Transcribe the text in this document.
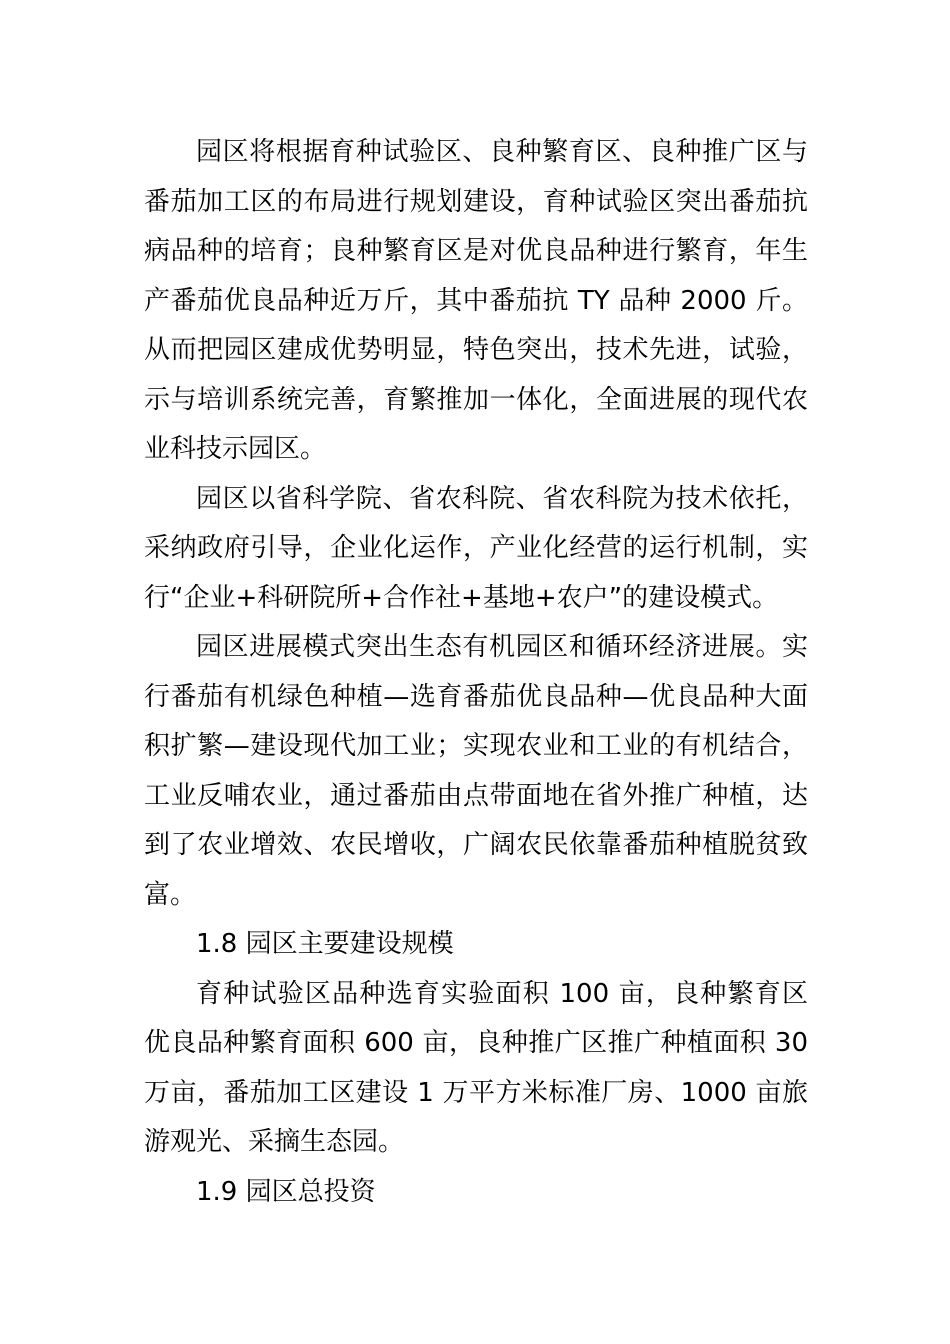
园区将根据育种试验区、良种繁育区、良种推广区与番茄加工区的布局进行规划建设，育种试验区突出番茄抗病品种的培育；良种繁育区是对优良品种进行繁育，年生产番茄优良品种近万斤，其中番茄抗 TY 品种 2000 斤。从而把园区建成优势明显，特色突出，技术先进，试验，示与培训系统完善，育繁推加一体化，全面进展的现代农业科技示园区。

园区以省科学院、省农科院、省农科院为技术依托，采纳政府引导，企业化运作，产业化经营的运行机制，实行“企业+科研院所+合作社+基地+农户”的建设模式。

园区进展模式突出生态有机园区和循环经济进展。实行番茄有机绿色种植—选育番茄优良品种—优良品种大面积扩繁—建设现代加工业；实现农业和工业的有机结合，工业反哺农业，通过番茄由点带面地在省外推广种植，达到了农业增效、农民增收，广阔农民依靠番茄种植脱贫致富。

1.8 园区主要建设规模

育种试验区品种选育实验面积 100 亩，良种繁育区优良品种繁育面积 600 亩，良种推广区推广种植面积 30 万亩，番茄加工区建设 1 万平方米标准厂房、1000 亩旅游观光、采摘生态园。

1.9 园区总投资
